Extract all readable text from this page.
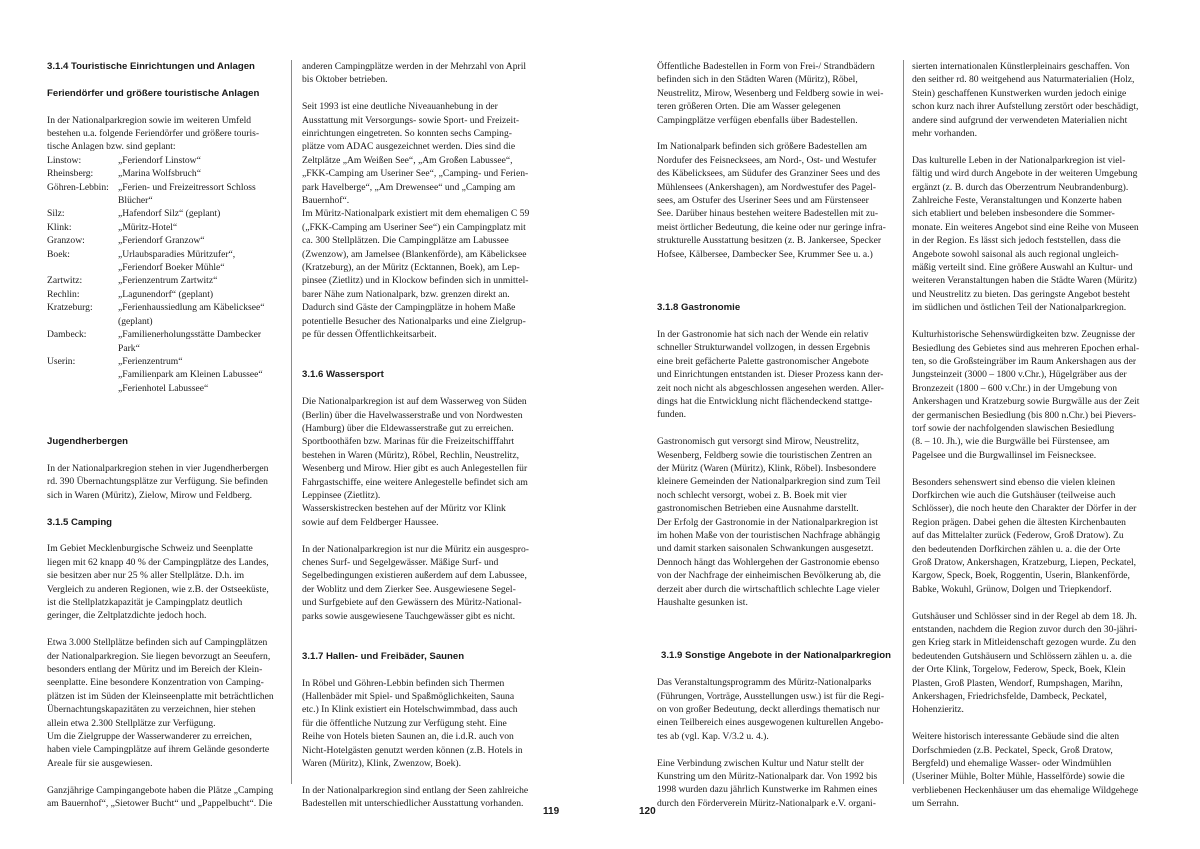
3.1.4 Touristische Einrichtungen und Anlagen

Feriendörfer und größere touristische Anlagen

In der Nationalparkregion sowie im weiteren Umfeld
bestehen u.a. folgende Feriendörfer und größere touris-
tische Anlagen bzw. sind geplant:

Linstow:	„Feriendorf Linstow“
Rheinsberg:	„Marina Wolfsbruch“
Göhren-Lebbin: „Ferien- und Freizeitressort Schloss
Blücher“
Silz:	„Hafendorf Silz“ (geplant)
Klink:	„Müritz-Hotel“
Granzow:	„Feriendorf Granzow“
Boek:	„Urlaubsparadies Müritzufer“,
„Feriendorf Boeker Mühle“
Zartwitz:	„Ferienzentrum Zartwitz“
Rechlin:	„Lagunendorf“ (geplant)
Kratzeburg:	„Ferienhaussiedlung am Käbelicksee“
(geplant)
Dambeck:	„Familienerholungsstätte Dambecker
Park“
Userin:	„Ferienzentrum“
„Familienpark am Kleinen Labussee“
„Ferienhotel Labussee“

Jugendherbergen

In der Nationalparkregion stehen in vier Jugendherbergen
rd. 390 Übernachtungsplätze zur Verfügung. Sie befinden
sich in Waren (Müritz), Zielow, Mirow und Feldberg.

3.1.5 Camping

Im Gebiet Mecklenburgische Schweiz und Seenplatte
liegen mit 62 knapp 40 % der Campingplätze des Landes,
sie besitzen aber nur 25 % aller Stellplätze. D.h. im
Vergleich zu anderen Regionen, wie z.B. der Ostseeküste,
ist die Stellplatzkapazität je Campingplatz deutlich
geringer, die Zeltplatzdichte jedoch hoch.

Etwa 3.000 Stellplätze befinden sich auf Campingplätzen
der Nationalparkregion. Sie liegen bevorzugt an Seeufern,
besonders entlang der Müritz und im Bereich der Klein-
seenplatte. Eine besondere Konzentration von Camping-
plätzen ist im Süden der Kleinseenplatte mit beträchtlichen
Übernachtungskapazitäten zu verzeichnen, hier stehen
allein etwa 2.300 Stellplätze zur Verfügung.
Um die Zielgruppe der Wasserwanderer zu erreichen,
haben viele Campingplätze auf ihrem Gelände gesonderte
Areale für sie ausgewiesen.

Ganzjährige Campingangebote haben die Plätze „Camping
am Bauernhof“, „Sietower Bucht“ und „Pappelbucht“. Die

anderen Campingplätze werden in der Mehrzahl von April
bis Oktober betrieben.

Seit 1993 ist eine deutliche Niveauanhebung in der
Ausstattung mit Versorgungs- sowie Sport- und Freizeit-
einrichtungen eingetreten. So konnten sechs Camping-
plätze vom ADAC ausgezeichnet werden. Dies sind die
Zeltplätze „Am Weißen See“, „Am Großen Labussee“,
„FKK-Camping am Useriner See“, „Camping- und Ferien-
park Havelberge“, „Am Drewensee“ und „Camping am
Bauernhof“.
Im Müritz-Nationalpark existiert mit dem ehemaligen C 59
(„FKK-Camping am Useriner See“) ein Campingplatz mit
ca. 300 Stellplätzen. Die Campingplätze am Labussee
(Zwenzow), am Jamelsee (Blankenförde), am Käbelicksee
(Kratzeburg), an der Müritz (Ecktannen, Boek), am Lep-
pinsee (Zietlitz) und in Klockow befinden sich in unmittel-
barer Nähe zum Nationalpark, bzw. grenzen direkt an.
Dadurch sind Gäste der Campingplätze in hohem Maße
potentielle Besucher des Nationalparks und eine Zielgrup-
pe für dessen Öffentlichkeitsarbeit.

3.1.6 Wassersport

Die Nationalparkregion ist auf dem Wasserweg von Süden
(Berlin) über die Havelwasserstraße und von Nordwesten
(Hamburg) über die Eldewasserstraße gut zu erreichen.
Sportboothäfen bzw. Marinas für die Freizeitschifffahrt
bestehen in Waren (Müritz), Röbel, Rechlin, Neustrelitz,
Wesenberg und Mirow. Hier gibt es auch Anlegestellen für
Fahrgastschiffe, eine weitere Anlegestelle befindet sich am
Leppinsee (Zietlitz).
Wasserskistrecken bestehen auf der Müritz vor Klink
sowie auf dem Feldberger Haussee.

In der Nationalparkregion ist nur die Müritz ein ausgespro-
chenes Surf- und Segelgewässer. Mäßige Surf- und
Segelbedingungen existieren außerdem auf dem Labussee,
der Woblitz und dem Zierker See. Ausgewiesene Segel-
und Surfgebiete auf den Gewässern des Müritz-National-
parks sowie ausgewiesene Tauchgewässer gibt es nicht.

3.1.7 Hallen- und Freibäder, Saunen

In Röbel und Göhren-Lebbin befinden sich Thermen
(Hallenbäder mit Spiel- und Spaßmöglichkeiten, Sauna
etc.) In Klink existiert ein Hotelschwimmbad, dass auch
für die öffentliche Nutzung zur Verfügung steht. Eine
Reihe von Hotels bieten Saunen an, die i.d.R. auch von
Nicht-Hotelgästen genutzt werden können (z.B. Hotels in
Waren (Müritz), Klink, Zwenzow, Boek).

In der Nationalparkregion sind entlang der Seen zahlreiche
Badestellen mit unterschiedlicher Ausstattung vorhanden.

Öffentliche Badestellen in Form von Frei-/ Strandbädern
befinden sich in den Städten Waren (Müritz), Röbel,
Neustrelitz, Mirow, Wesenberg und Feldberg sowie in wei-
teren größeren Orten. Die am Wasser gelegenen
Campingplätze verfügen ebenfalls über Badestellen.

Im Nationalpark befinden sich größere Badestellen am
Nordufer des Feisnecksees, am Nord-, Ost- und Westufer
des Käbelicksees, am Südufer des Granziner Sees und des
Mühlensees (Ankershagen), am Nordwestufer des Pagel-
sees, am Ostufer des Useriner Sees und am Fürstenseer
See. Darüber hinaus bestehen weitere Badestellen mit zu-
meist örtlicher Bedeutung, die keine oder nur geringe infra-
strukturelle Ausstattung besitzen (z. B. Jankersee, Specker
Hofsee, Kälbersee, Dambecker See, Krummer See u. a.)

3.1.8 Gastronomie

In der Gastronomie hat sich nach der Wende ein relativ
schneller Strukturwandel vollzogen, in dessen Ergebnis
eine breit gefächerte Palette gastronomischer Angebote
und Einrichtungen entstanden ist. Dieser Prozess kann der-
zeit noch nicht als abgeschlossen angesehen werden. Aller-
dings hat die Entwicklung nicht flächendeckend stattge-
funden.

Gastronomisch gut versorgt sind Mirow, Neustrelitz,
Wesenberg, Feldberg sowie die touristischen Zentren an
der Müritz (Waren (Müritz), Klink, Röbel). Insbesondere
kleinere Gemeinden der Nationalparkregion sind zum Teil
noch schlecht versorgt, wobei z. B. Boek mit vier
gastronomischen Betrieben eine Ausnahme darstellt.
Der Erfolg der Gastronomie in der Nationalparkregion ist
im hohen Maße von der touristischen Nachfrage abhängig
und damit starken saisonalen Schwankungen ausgesetzt.
Dennoch hängt das Wohlergehen der Gastronomie ebenso
von der Nachfrage der einheimischen Bevölkerung ab, die
derzeit aber durch die wirtschaftlich schlechte Lage vieler
Haushalte gesunken ist.

3.1.9 Sonstige Angebote in der Nationalparkregion

Das Veranstaltungsprogramm des Müritz-Nationalparks
(Führungen, Vorträge, Ausstellungen usw.) ist für die Regi-
on von großer Bedeutung, deckt allerdings thematisch nur
einen Teilbereich eines ausgewogenen kulturellen Angebo-
tes ab (vgl. Kap. V/3.2 u. 4.).

Eine Verbindung zwischen Kultur und Natur stellt der
Kunstring um den Müritz-Nationalpark dar. Von 1992 bis
1998 wurden dazu jährlich Kunstwerke im Rahmen eines
durch den Förderverein Müritz-Nationalpark e.V. organi-

sierten internationalen Künstlerpleinairs geschaffen. Von
den seither rd. 80 weitgehend aus Naturmaterialien (Holz,
Stein) geschaffenen Kunstwerken wurden jedoch einige
schon kurz nach ihrer Aufstellung zerstört oder beschädigt,
andere sind aufgrund der verwendeten Materialien nicht
mehr vorhanden.

Das kulturelle Leben in der Nationalparkregion ist viel-
fältig und wird durch Angebote in der weiteren Umgebung
ergänzt (z. B. durch das Oberzentrum Neubrandenburg).
Zahlreiche Feste, Veranstaltungen und Konzerte haben
sich etabliert und beleben insbesondere die Sommer-
monate. Ein weiteres Angebot sind eine Reihe von Museen
in der Region. Es lässt sich jedoch feststellen, dass die
Angebote sowohl saisonal als auch regional ungleich-
mäßig verteilt sind. Eine größere Auswahl an Kultur- und
weiteren Veranstaltungen haben die Städte Waren (Müritz)
und Neustrelitz zu bieten. Das geringste Angebot besteht
im südlichen und östlichen Teil der Nationalparkregion.

Kulturhistorische Sehenswürdigkeiten bzw. Zeugnisse der
Besiedlung des Gebietes sind aus mehreren Epochen erhal-
ten, so die Großsteingräber im Raum Ankershagen aus der
Jungsteinzeit (3000 – 1800 v.Chr.), Hügelgräber aus der
Bronzezeit (1800 – 600 v.Chr.) in der Umgebung von
Ankershagen und Kratzeburg sowie Burgwälle aus der Zeit
der germanischen Besiedlung (bis 800 n.Chr.) bei Pievers-
torf sowie der nachfolgenden slawischen Besiedlung
(8. – 10. Jh.), wie die Burgwälle bei Fürstensee, am
Pagelsee und die Burgwallinsel im Feisnecksee.

Besonders sehenswert sind ebenso die vielen kleinen
Dorfkirchen wie auch die Gutshäuser (teilweise auch
Schlösser), die noch heute den Charakter der Dörfer in der
Region prägen. Dabei gehen die ältesten Kirchenbauten
auf das Mittelalter zurück (Federow, Groß Dratow). Zu
den bedeutenden Dorfkirchen zählen u. a. die der Orte
Groß Dratow, Ankershagen, Kratzeburg, Liepen, Peckatel,
Kargow, Speck, Boek, Roggentin, Userin, Blankenförde,
Babke, Wokuhl, Grünow, Dolgen und Triepkendorf.

Gutshäuser und Schlösser sind in der Regel ab dem 18. Jh.
entstanden, nachdem die Region zuvor durch den 30-jähri-
gen Krieg stark in Mitleidenschaft gezogen wurde. Zu den
bedeutenden Gutshäusern und Schlössern zählen u. a. die
der Orte Klink, Torgelow, Federow, Speck, Boek, Klein
Plasten, Groß Plasten, Wendorf, Rumpshagen, Marihn,
Ankershagen, Friedrichsfelde, Dambeck, Peckatel,
Hohenzieritz.

Weitere historisch interessante Gebäude sind die alten
Dorfschmieden (z.B. Peckatel, Speck, Groß Dratow,
Bergfeld) und ehemalige Wasser- oder Windmühlen
(Useriner Mühle, Bolter Mühle, Hasselförde) sowie die
verbliebenen Heckenhäuser um das ehemalige Wildgehege
um Serrahn.

119	120
